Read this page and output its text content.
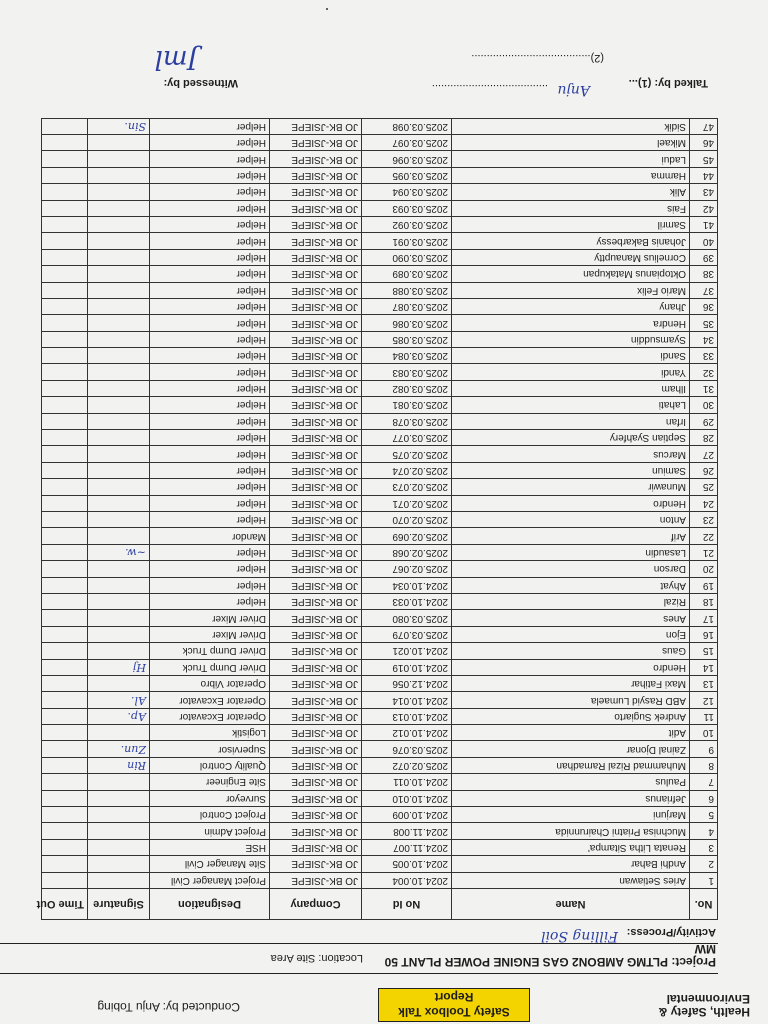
Health, Safety & Environmental
Safety Toolbox Talk Report
Conducted by: Anju Tobing
Project: PLTMG AMBON2 GAS ENGINE POWER PLANT 50 MW
Location: Site Area
Activity/Process:
Filling Soil
No.	Name	No Id	Company	Designation	Signature	Time Out
1	Aries Setiawan	2024.10.004	JO BK-JSIEPE	Project Manager Civil		
2	Andhi Bahar	2024.10.005	JO BK-JSIEPE	Site Manager Civil		
3	Renata Litha Sitampa'	2024.11.007	JO BK-JSIEPE	HSE		
4	Muchnisa Priatni Chairunnida	2024.11.008	JO BK-JSIEPE	Project Admin		
5	Marjuni	2024.10.009	JO BK-JSIEPE	Project Control		
6	Jefrianus	2024.10.010	JO BK-JSIEPE	Surveyor		
7	Paulus	2024.10.011	JO BK-JSIEPE	Site Engineer		
8	Muhammad Rizal Ramadhan	2025.02.072	JO BK-JSIEPE	Quality Control	Rin	
9	Zainal Djonar	2025.03.076	JO BK-JSIEPE	Supervisor	Zun.	
10	Adit	2024.10.012	JO BK-JSIEPE	Logistik		
11	Andrek Sugiarto	2024.10.013	JO BK-JSIEPE	Operator Excavator	Ap.	
12	ABD Rasyid Lumaela	2024.10.014	JO BK-JSIEPE	Operator Excavator	Al.	
13	Maxi Fatihar	2024.12.056	JO BK-JSIEPE	Operator Vibro		
14	Hendro	2024.10.019	JO BK-JSIEPE	Driver Dump Truck	Hj	
15	Gaus	2024.10.021	JO BK-JSIEPE	Driver Dump Truck		
16	Ejon	2025.03.079	JO BK-JSIEPE	Driver Mixer		
17	Anes	2025.03.080	JO BK-JSIEPE	Driver Mixer		
18	Rizal	2024.10.033	JO BK-JSIEPE	Helper		
19	Ahyat	2024.10.034	JO BK-JSIEPE	Helper		
20	Darson	2025.02.067	JO BK-JSIEPE	Helper		
21	Lasaudin	2025.02.068	JO BK-JSIEPE	Helper	~w.	
22	Arif	2025.02.069	JO BK-JSIEPE	Mandor		
23	Anton	2025.02.070	JO BK-JSIEPE	Helper		
24	Hendro	2025.02.071	JO BK-JSIEPE	Helper		
25	Munawir	2025.02.073	JO BK-JSIEPE	Helper		
26	Samiun	2025.02.074	JO BK-JSIEPE	Helper		
27	Marcus	2025.02.075	JO BK-JSIEPE	Helper		
28	Septian Syahfery	2025.03.077	JO BK-JSIEPE	Helper		
29	Irfan	2025.03.078	JO BK-JSIEPE	Helper		
30	Lahati	2025.03.081	JO BK-JSIEPE	Helper		
31	Ilham	2025.03.082	JO BK-JSIEPE	Helper		
32	Yandi	2025.03.083	JO BK-JSIEPE	Helper		
33	Sandi	2025.03.084	JO BK-JSIEPE	Helper		
34	Syamsuddin	2025.03.085	JO BK-JSIEPE	Helper		
35	Hendra	2025.03.086	JO BK-JSIEPE	Helper		
36	Jhany	2025.03.087	JO BK-JSIEPE	Helper		
37	Mario Felix	2025.03.088	JO BK-JSIEPE	Helper		
38	Oktopianus Matakupan	2025.03.089	JO BK-JSIEPE	Helper		
39	Cornelius Manauptty	2025.03.090	JO BK-JSIEPE	Helper		
40	Johanis Bakarbessy	2025.03.091	JO BK-JSIEPE	Helper		
41	Samril	2025.03.092	JO BK-JSIEPE	Helper		
42	Fais	2025.03.093	JO BK-JSIEPE	Helper		
43	Alik	2025.03.094	JO BK-JSIEPE	Helper		
44	Hamma	2025.03.095	JO BK-JSIEPE	Helper		
45	Ladui	2025.03.096	JO BK-JSIEPE	Helper		
46	Mikael	2025.03.097	JO BK-JSIEPE	Helper		
47	Sidik	2025.03.098	JO BK-JSIEPE	Helper	Sin.	
Talked by: (1)...
Anju
......................................
(2).......................................
Witnessed by:
Jml
